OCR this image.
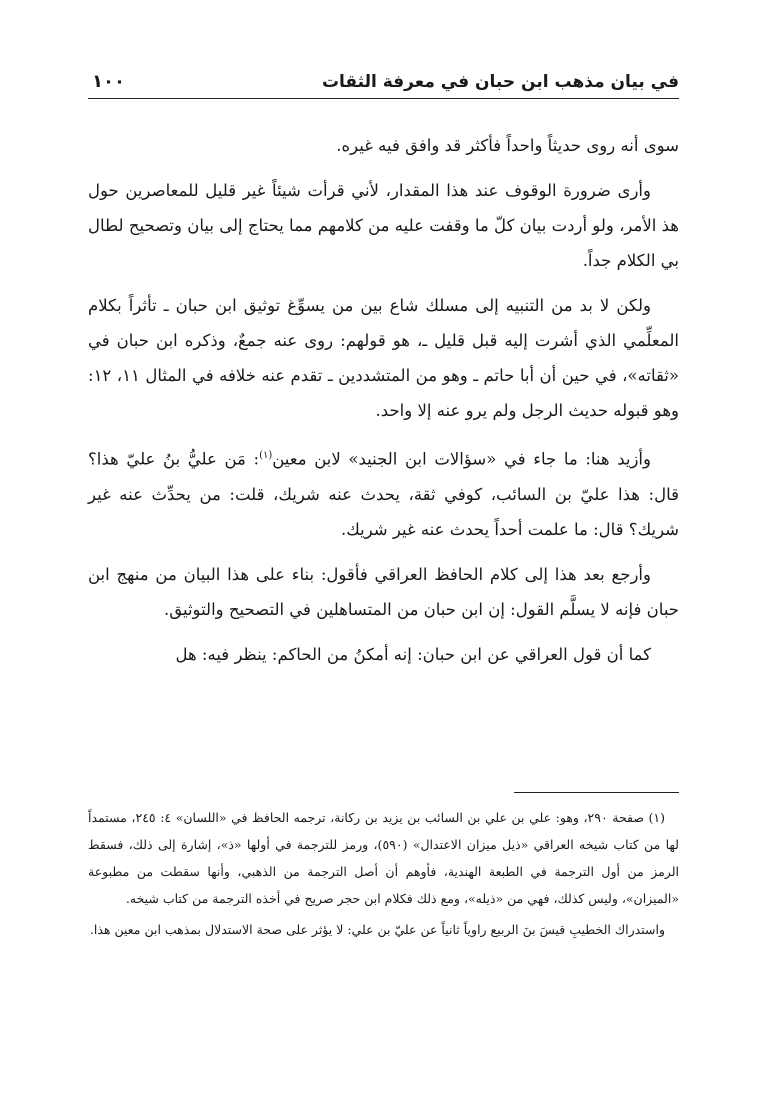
في بيان مذهب ابن حبان في معرفة الثقات
١٠٠

سوى أنه روى حديثاً واحداً فأكثر قد وافق فيه غيره.

وأرى ضرورة الوقوف عند هذا المقدار، لأني قرأت شيئاً غير قليل للمعاصرين حول هذ الأمر، ولو أردت بيان كلّ ما وقفت عليه من كلامهم مما يحتاج إلى بيان وتصحيح لطال بي الكلام جداً.

ولكن لا بد من التنبيه إلى مسلك شاع بين من يسوِّغ توثيق ابن حبان ـ تأثراً بكلام المعلِّمي الذي أشرت إليه قبل قليل ـ، هو قولهم: روى عنه جمعٌ، وذكره ابن حبان في «ثقاته»، في حين أن أبا حاتم ـ وهو من المتشددين ـ تقدم عنه خلافه في المثال ١١، ١٢: وهو قبوله حديث الرجل ولم يرو عنه إلا واحد.

وأزيد هنا: ما جاء في «سؤالات ابن الجنيد» لابن معين$^{(١)}$: مَن عليُّ بنُ عليّ هذا؟ قال: هذا عليّ بن السائب، كوفي ثقة، يحدث عنه شريك، قلت: من يحدِّث عنه غير شريك؟ قال: ما علمت أحداً يحدث عنه غير شريك.

وأرجع بعد هذا إلى كلام الحافظ العراقي فأقول: بناء على هذا البيان من منهج ابن حبان فإنه لا يسلَّم القول: إن ابن حبان من المتساهلين في التصحيح والتوثيق.

كما أن قول العراقي عن ابن حبان: إنه أمكنُ من الحاكم: ينظر فيه: هل

(١) صفحة ٢٩٠، وهو: علي بن علي بن السائب بن يزيد بن ركانة، ترجمه الحافظ في «اللسان» ٤: ٢٤٥، مستمداً لها من كتاب شيخه العراقي «ذيل ميزان الاعتدال» (٥٩٠)، ورمز للترجمة في أولها «ذ»، إشارة إلى ذلك، فسقط الرمز من أول الترجمة في الطبعة الهندية، فأوهم أن أصل الترجمة من الذهبي، وأنها سقطت من مطبوعة «الميزان»، وليس كذلك، فهي من «ذيله»، ومع ذلك فكلام ابن حجر صريح في أخذه الترجمة من كتاب شيخه.

واستدراك الخطيبِ قيسَ بنَ الربيع راوياً ثانياً عن عليّ بن علي: لا يؤثر على صحة الاستدلال بمذهب ابن معين هذا.
